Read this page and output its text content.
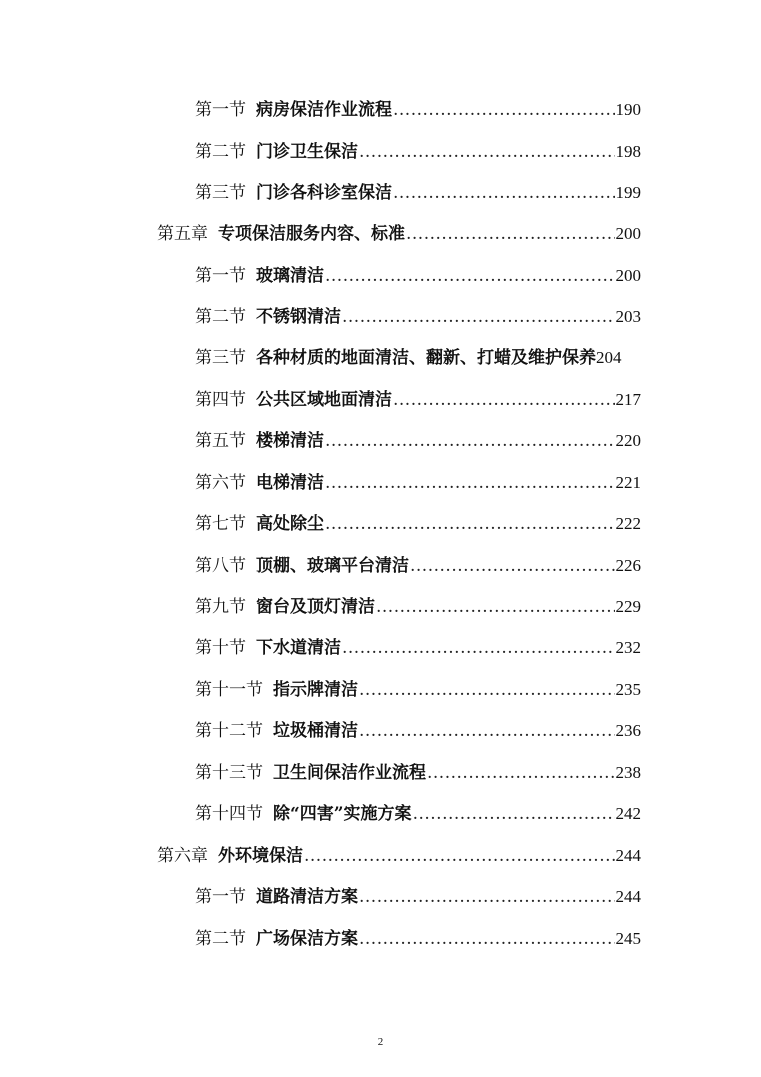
第一节 病房保洁作业流程 .....	190
第二节 门诊卫生保洁 .....	198
第三节 门诊各科诊室保洁 .....	199
第五章 专项保洁服务内容、标准 .....	200
第一节 玻璃清洁 .....	200
第二节 不锈钢清洁 .....	203
第三节 各种材质的地面清洁、翻新、打蜡及维护保养 204
第四节 公共区域地面清洁 .....	217
第五节 楼梯清洁 .....	220
第六节 电梯清洁 .....	221
第七节 高处除尘 .....	222
第八节 顶棚、玻璃平台清洁 .....	226
第九节 窗台及顶灯清洁 .....	229
第十节 下水道清洁 .....	232
第十一节 指示牌清洁 .....	235
第十二节 垃圾桶清洁 .....	236
第十三节 卫生间保洁作业流程 .....	238
第十四节 除“四害”实施方案 .....	242
第六章 外环境保洁 .....	244
第一节 道路清洁方案 .....	244
第二节 广场保洁方案 .....	245
2
